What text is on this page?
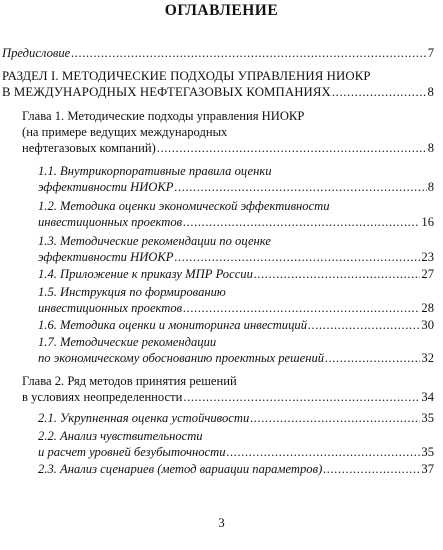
ОГЛАВЛЕНИЕ
Предисловие .....	7
РАЗДЕЛ I. МЕТОДИЧЕСКИЕ ПОДХОДЫ УПРАВЛЕНИЯ НИОКР
В МЕЖДУНАРОДНЫХ НЕФТЕГАЗОВЫХ КОМПАНИЯХ .....	8
Глава 1. Методические подходы управления НИОКР
(на примере ведущих международных
нефтегазовых компаний) .....	8
1.1. Внутрикорпоративные правила оценки
эффективности НИОКР .....	8
1.2. Методика оценки экономической эффективности
инвестиционных проектов .....	16
1.3. Методические рекомендации по оценке
эффективности НИОКР .....	23
1.4. Приложение к приказу МПР России .....	27
1.5. Инструкция по формированию
инвестиционных проектов .....	28
1.6. Методика оценки и мониторинга инвестиций .....	30
1.7. Методические рекомендации
по экономическому обоснованию проектных решений .....	32
Глава 2. Ряд методов принятия решений
в условиях неопределенности .....	34
2.1. Укрупненная оценка устойчивости .....	35
2.2. Анализ чувствительности
и расчет уровней безубыточности .....	35
2.3. Анализ сценариев (метод вариации параметров) .....	37
3
